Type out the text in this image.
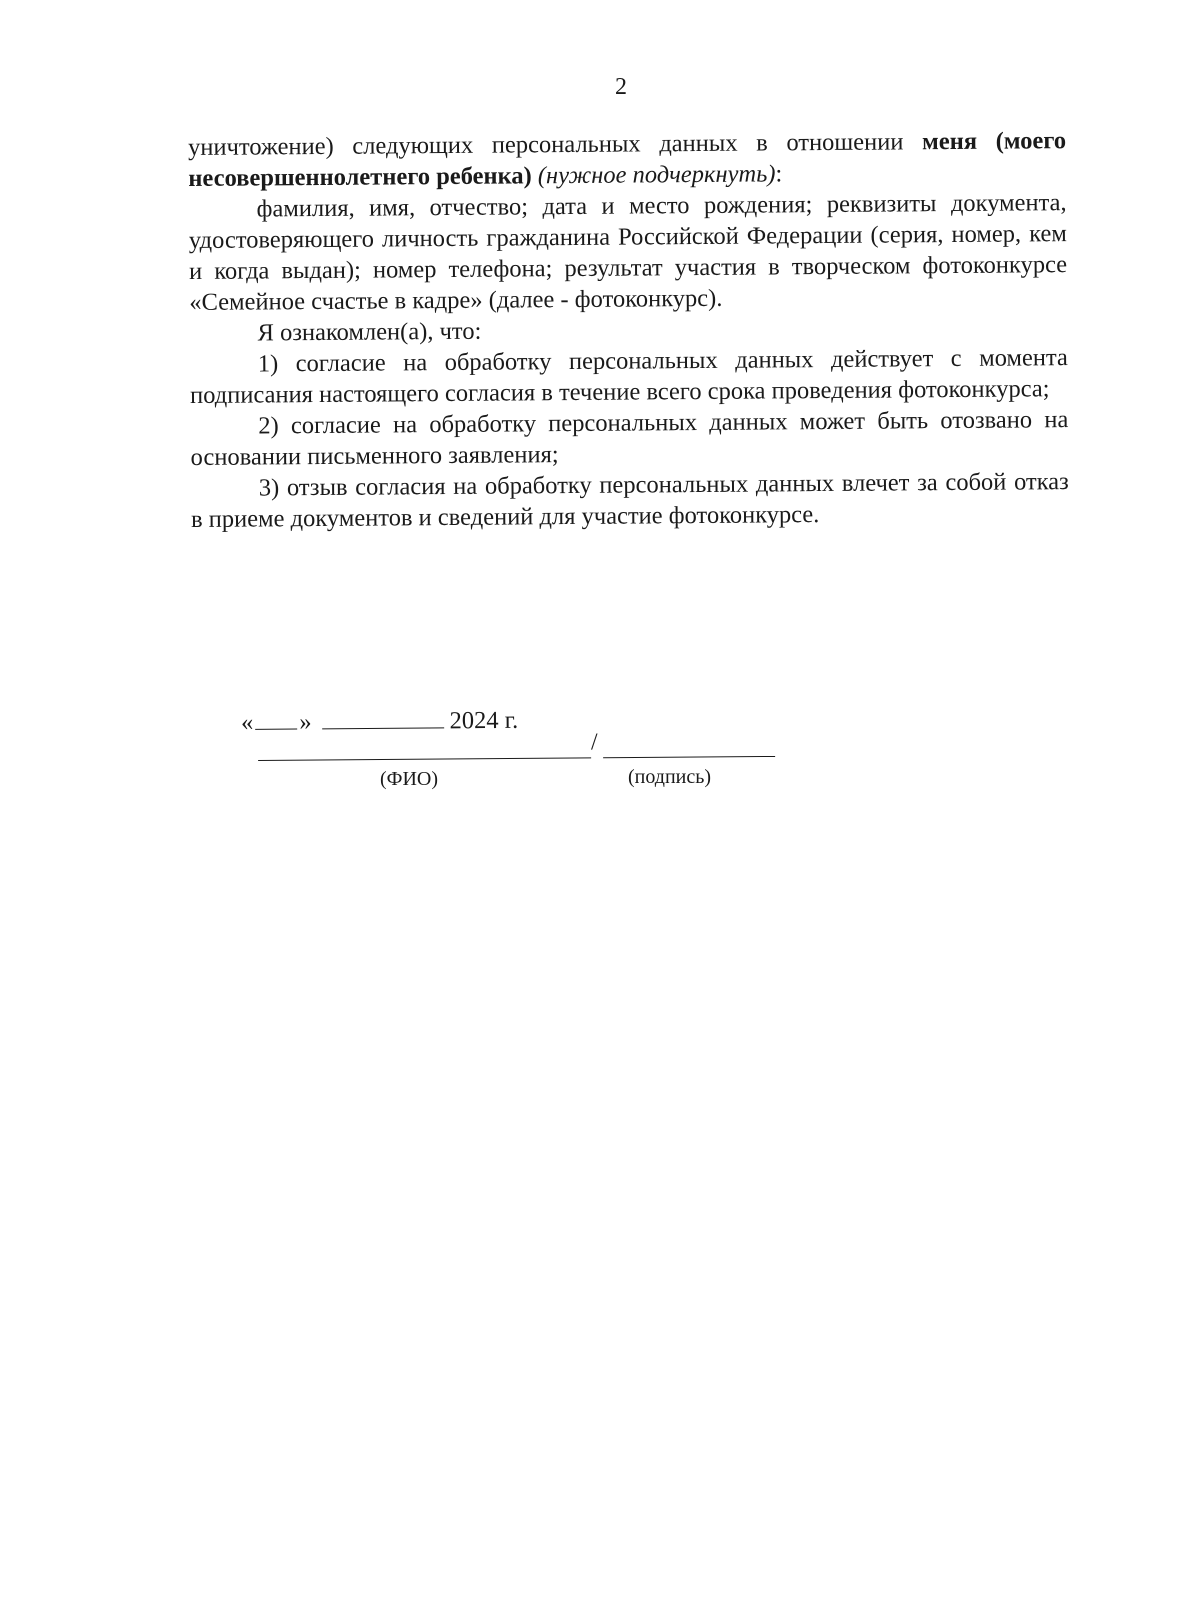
2

уничтожение) следующих персональных данных в отношении меня (моего несовершеннолетнего ребенка) (нужное подчеркнуть):

фамилия, имя, отчество; дата и место рождения; реквизиты документа, удостоверяющего личность гражданина Российской Федерации (серия, номер, кем и когда выдан); номер телефона; результат участия в творческом фотоконкурсе «Семейное счастье в кадре» (далее - фотоконкурс).

Я ознакомлен(а), что:

1) согласие на обработку персональных данных действует с момента подписания настоящего согласия в течение всего срока проведения фотоконкурса;

2) согласие на обработку персональных данных может быть отозвано на основании письменного заявления;

3) отзыв согласия на обработку персональных данных влечет за собой отказ в приеме документов и сведений для участие фотоконкурсе.

« »	2024 г.
/
(ФИО)	(подпись)
